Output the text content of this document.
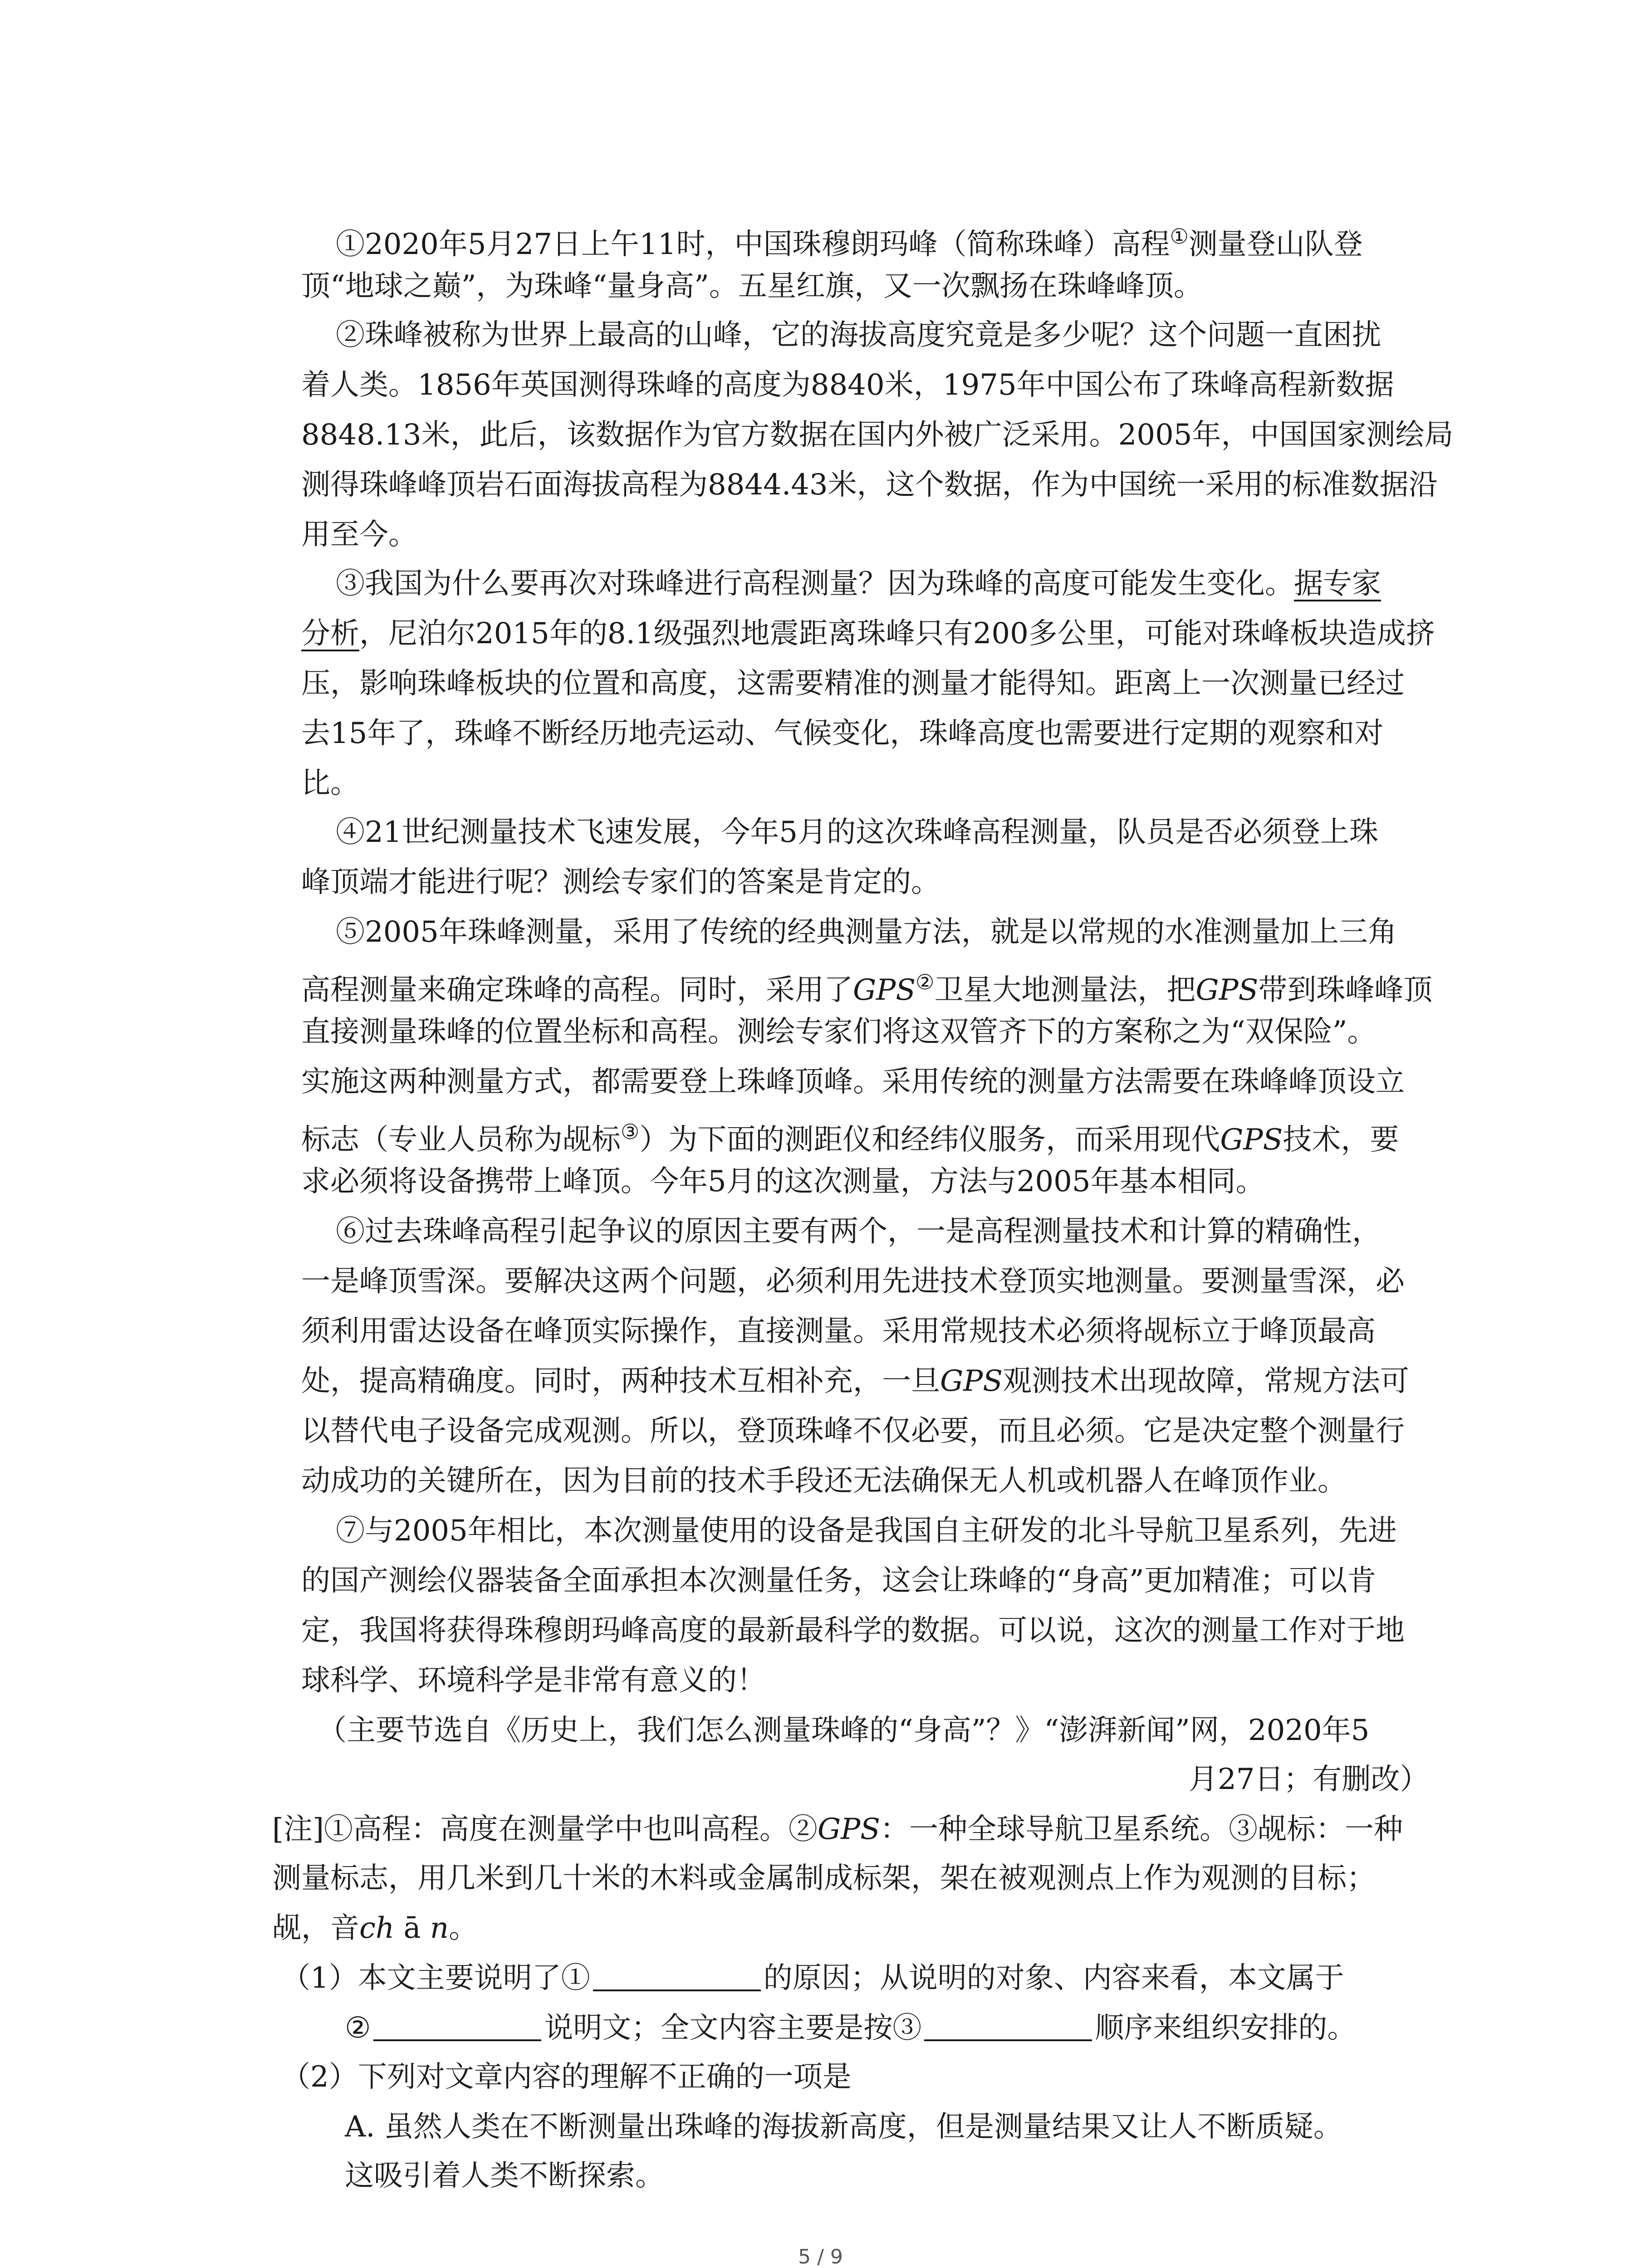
①2020年5月27日上午11时，中国珠穆朗玛峰（简称珠峰）高程①测量登山队登

顶“地球之巅”，为珠峰“量身高”。五星红旗，又一次飘扬在珠峰峰顶。

②珠峰被称为世界上最高的山峰，它的海拔高度究竟是多少呢？这个问题一直困扰

着人类。1856年英国测得珠峰的高度为8840米，1975年中国公布了珠峰高程新数据

8848.13米，此后，该数据作为官方数据在国内外被广泛采用。2005年，中国国家测绘局

测得珠峰峰顶岩石面海拔高程为8844.43米，这个数据，作为中国统一采用的标准数据沿

用至今。

③我国为什么要再次对珠峰进行高程测量？因为珠峰的高度可能发生变化。据专家

分析，尼泊尔2015年的8.1级强烈地震距离珠峰只有200多公里，可能对珠峰板块造成挤

压，影响珠峰板块的位置和高度，这需要精准的测量才能得知。距离上一次测量已经过

去15年了，珠峰不断经历地壳运动、气候变化，珠峰高度也需要进行定期的观察和对

比。

④21世纪测量技术飞速发展，今年5月的这次珠峰高程测量，队员是否必须登上珠

峰顶端才能进行呢？测绘专家们的答案是肯定的。

⑤2005年珠峰测量，采用了传统的经典测量方法，就是以常规的水准测量加上三角

高程测量来确定珠峰的高程。同时，采用了GPS②卫星大地测量法，把GPS带到珠峰峰顶

直接测量珠峰的位置坐标和高程。测绘专家们将这双管齐下的方案称之为“双保险”。

实施这两种测量方式，都需要登上珠峰顶峰。采用传统的测量方法需要在珠峰峰顶设立

标志（专业人员称为觇标③）为下面的测距仪和经纬仪服务，而采用现代GPS技术，要

求必须将设备携带上峰顶。今年5月的这次测量，方法与2005年基本相同。

⑥过去珠峰高程引起争议的原因主要有两个，一是高程测量技术和计算的精确性，

一是峰顶雪深。要解决这两个问题，必须利用先进技术登顶实地测量。要测量雪深，必

须利用雷达设备在峰顶实际操作，直接测量。采用常规技术必须将觇标立于峰顶最高

处，提高精确度。同时，两种技术互相补充，一旦GPS观测技术出现故障，常规方法可

以替代电子设备完成观测。所以，登顶珠峰不仅必要，而且必须。它是决定整个测量行

动成功的关键所在，因为目前的技术手段还无法确保无人机或机器人在峰顶作业。

⑦与2005年相比，本次测量使用的设备是我国自主研发的北斗导航卫星系列，先进

的国产测绘仪器装备全面承担本次测量任务，这会让珠峰的“身高”更加精准；可以肯

定，我国将获得珠穆朗玛峰高度的最新最科学的数据。可以说，这次的测量工作对于地

球科学、环境科学是非常有意义的！

（主要节选自《历史上，我们怎么测量珠峰的“身高”？》“澎湃新闻”网，2020年5

月27日；有删改）

[注]①高程：高度在测量学中也叫高程。②GPS：一种全球导航卫星系统。③觇标：一种

测量标志，用几米到几十米的木料或金属制成标架，架在被观测点上作为观测的目标；

觇，音ch ā n。

（1）本文主要说明了①	的原因；从说明的对象、内容来看，本文属于

②	说明文；全文内容主要是按③	顺序来组织安排的。

（2）下列对文章内容的理解不正确的一项是

A. 虽然人类在不断测量出珠峰的海拔新高度，但是测量结果又让人不断质疑。

这吸引着人类不断探索。

5 / 9
